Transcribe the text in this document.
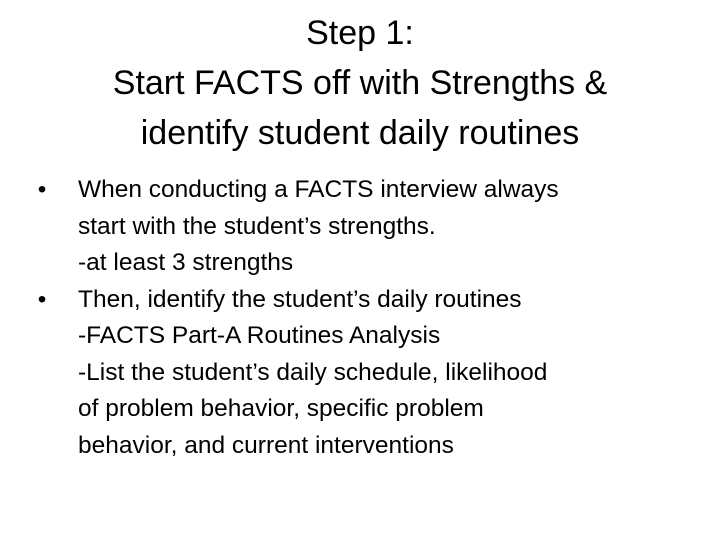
Step 1:
Start FACTS off with Strengths &
identify student daily routines
•	When conducting a FACTS interview always
start with the student’s strengths.
-at least 3 strengths
•	Then, identify the student’s daily routines
-FACTS Part-A Routines Analysis
-List the student’s daily schedule, likelihood
of problem behavior, specific problem
behavior, and current interventions
